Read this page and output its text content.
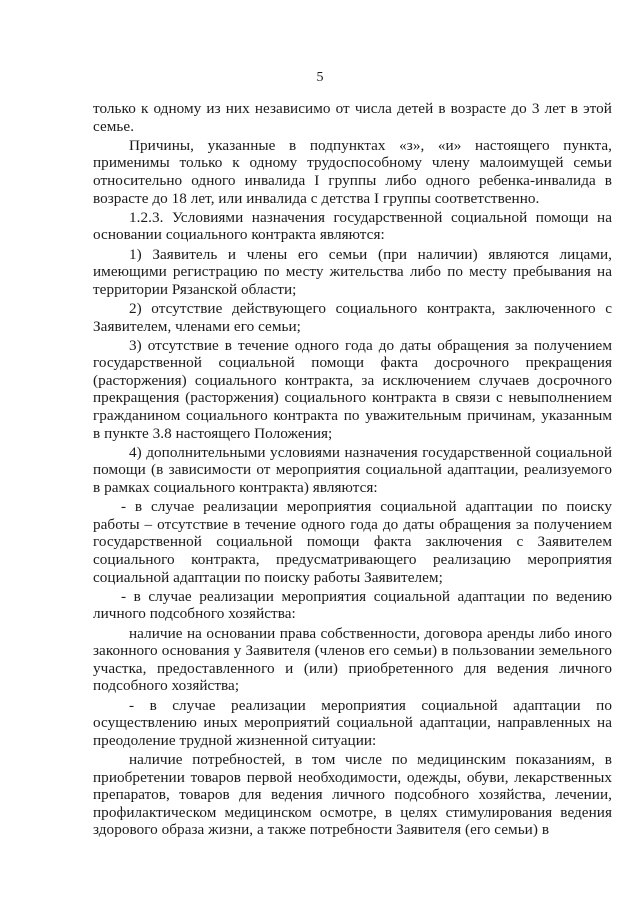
5

только к одному из них независимо от числа детей в возрасте до 3 лет в этой семье.

Причины, указанные в подпунктах «з», «и» настоящего пункта, применимы только к одному трудоспособному члену малоимущей семьи относительно одного инвалида I группы либо одного ребенка-инвалида в возрасте до 18 лет, или инвалида с детства I группы соответственно.

1.2.3. Условиями назначения государственной социальной помощи на основании социального контракта являются:

1) Заявитель и члены его семьи (при наличии) являются лицами, имеющими регистрацию по месту жительства либо по месту пребывания на территории Рязанской области;

2) отсутствие действующего социального контракта, заключенного с Заявителем, членами его семьи;

3) отсутствие в течение одного года до даты обращения за получением государственной социальной помощи факта досрочного прекращения (расторжения) социального контракта, за исключением случаев досрочного прекращения (расторжения) социального контракта в связи с невыполнением гражданином социального контракта по уважительным причинам, указанным в пункте 3.8 настоящего Положения;

4) дополнительными условиями назначения государственной социальной помощи (в зависимости от мероприятия социальной адаптации, реализуемого в рамках социального контракта) являются:

- в случае реализации мероприятия социальной адаптации по поиску работы – отсутствие в течение одного года до даты обращения за получением государственной социальной помощи факта заключения с Заявителем социального контракта, предусматривающего реализацию мероприятия социальной адаптации по поиску работы Заявителем;

- в случае реализации мероприятия социальной адаптации по ведению личного подсобного хозяйства:

наличие на основании права собственности, договора аренды либо иного законного основания у Заявителя (членов его семьи) в пользовании земельного участка, предоставленного и (или) приобретенного для ведения личного подсобного хозяйства;

- в случае реализации мероприятия социальной адаптации по осуществлению иных мероприятий социальной адаптации, направленных на преодоление трудной жизненной ситуации:

наличие потребностей, в том числе по медицинским показаниям, в приобретении товаров первой необходимости, одежды, обуви, лекарственных препаратов, товаров для ведения личного подсобного хозяйства, лечении, профилактическом медицинском осмотре, в целях стимулирования ведения здорового образа жизни, а также потребности Заявителя (его семьи) в
